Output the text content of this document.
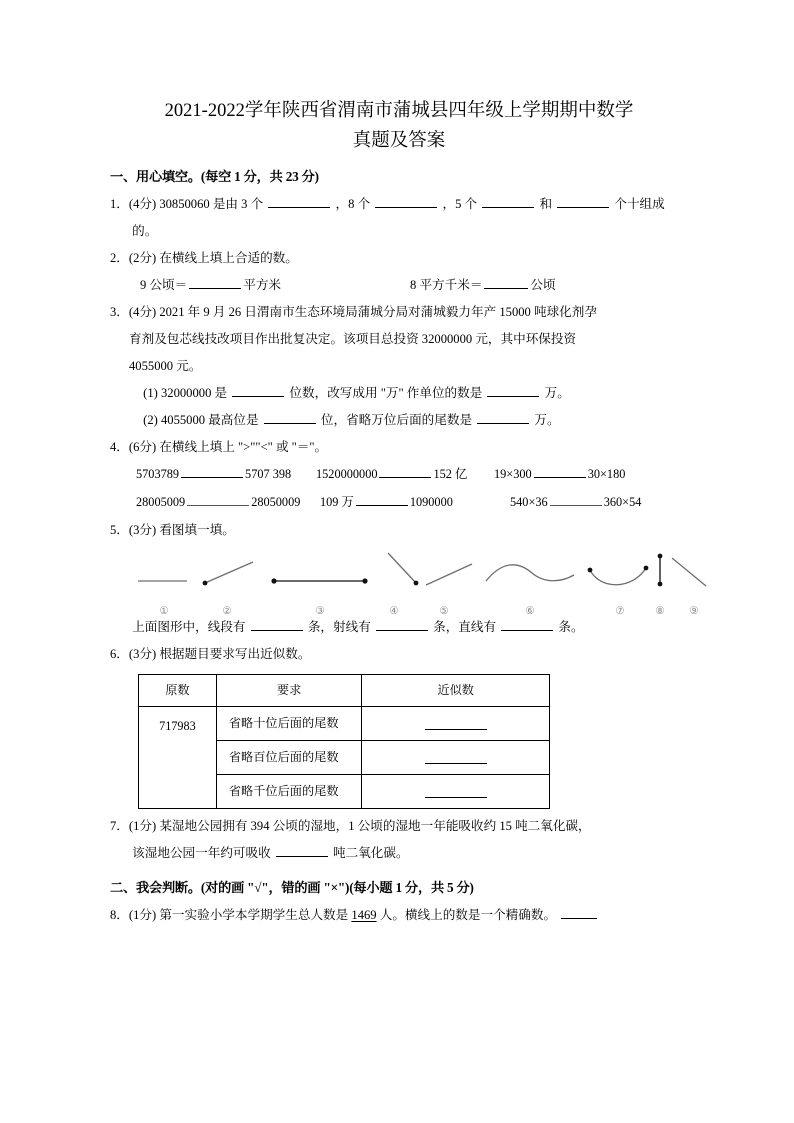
2021-2022学年陕西省渭南市蒲城县四年级上学期期中数学
真题及答案
一、用心填空。(每空 1 分，共 23 分)
1．(4分) 30850060 是由 3 个	，8 个	，5 个	和	个十组成
的。
2．(2分) 在横线上填上合适的数。
9 公顷＝	平方米	8 平方千米＝	公顷
3．(4分) 2021 年 9 月 26 日渭南市生态环境局蒲城分局对蒲城毅力年产 15000 吨球化剂孕
育剂及包芯线技改项目作出批复决定。该项目总投资 32000000 元，其中环保投资
4055000 元。
(1) 32000000 是	位数，改写成用 "万" 作单位的数是	万。
(2) 4055000 最高位是	位，省略万位后面的尾数是	万。
4．(6分) 在横线上填上 ">""<" 或 "＝"。
5703789	5707 398 1520000000	152 亿 19×300	30×180
28005009	28050009 109 万	1090000	540×36	360×54
5．(3分) 看图填一填。
①	②	③	④	⑤	⑥	⑦	⑧	⑨
上面图形中，线段有	条，射线有	条，直线有	条。
6．(3分) 根据题目要求写出近似数。
原数	要求	近似数
717983	省略十位后面的尾数	
	省略百位后面的尾数	
	省略千位后面的尾数	
7．(1分) 某湿地公园拥有 394 公顷的湿地，1 公顷的湿地一年能吸收约 15 吨二氧化碳，
该湿地公园一年约可吸收	吨二氧化碳。
二、我会判断。(对的画 "√"，错的画 "×")(每小题 1 分，共 5 分)
8．(1分) 第一实验小学本学期学生总人数是 1469 人。横线上的数是一个精确数。
